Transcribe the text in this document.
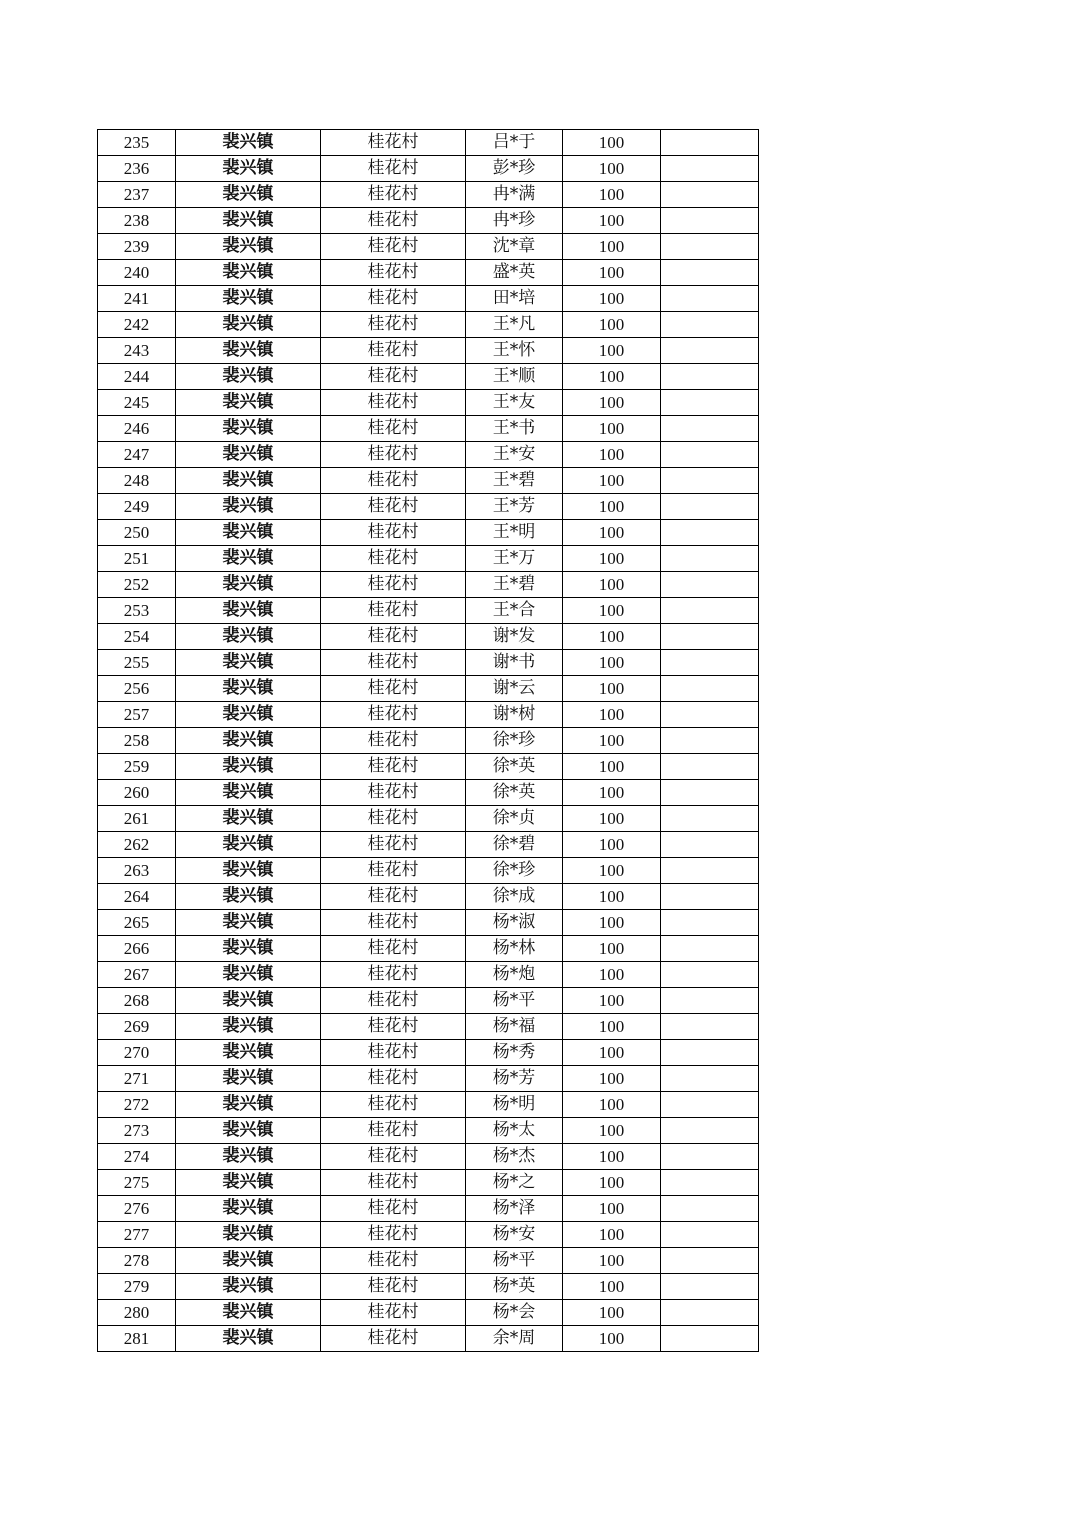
235	裴兴镇	桂花村	吕*于	100	
236	裴兴镇	桂花村	彭*珍	100	
237	裴兴镇	桂花村	冉*满	100	
238	裴兴镇	桂花村	冉*珍	100	
239	裴兴镇	桂花村	沈*章	100	
240	裴兴镇	桂花村	盛*英	100	
241	裴兴镇	桂花村	田*培	100	
242	裴兴镇	桂花村	王*凡	100	
243	裴兴镇	桂花村	王*怀	100	
244	裴兴镇	桂花村	王*顺	100	
245	裴兴镇	桂花村	王*友	100	
246	裴兴镇	桂花村	王*书	100	
247	裴兴镇	桂花村	王*安	100	
248	裴兴镇	桂花村	王*碧	100	
249	裴兴镇	桂花村	王*芳	100	
250	裴兴镇	桂花村	王*明	100	
251	裴兴镇	桂花村	王*万	100	
252	裴兴镇	桂花村	王*碧	100	
253	裴兴镇	桂花村	王*合	100	
254	裴兴镇	桂花村	谢*发	100	
255	裴兴镇	桂花村	谢*书	100	
256	裴兴镇	桂花村	谢*云	100	
257	裴兴镇	桂花村	谢*树	100	
258	裴兴镇	桂花村	徐*珍	100	
259	裴兴镇	桂花村	徐*英	100	
260	裴兴镇	桂花村	徐*英	100	
261	裴兴镇	桂花村	徐*贞	100	
262	裴兴镇	桂花村	徐*碧	100	
263	裴兴镇	桂花村	徐*珍	100	
264	裴兴镇	桂花村	徐*成	100	
265	裴兴镇	桂花村	杨*淑	100	
266	裴兴镇	桂花村	杨*林	100	
267	裴兴镇	桂花村	杨*炮	100	
268	裴兴镇	桂花村	杨*平	100	
269	裴兴镇	桂花村	杨*福	100	
270	裴兴镇	桂花村	杨*秀	100	
271	裴兴镇	桂花村	杨*芳	100	
272	裴兴镇	桂花村	杨*明	100	
273	裴兴镇	桂花村	杨*太	100	
274	裴兴镇	桂花村	杨*杰	100	
275	裴兴镇	桂花村	杨*之	100	
276	裴兴镇	桂花村	杨*泽	100	
277	裴兴镇	桂花村	杨*安	100	
278	裴兴镇	桂花村	杨*平	100	
279	裴兴镇	桂花村	杨*英	100	
280	裴兴镇	桂花村	杨*会	100	
281	裴兴镇	桂花村	余*周	100	
